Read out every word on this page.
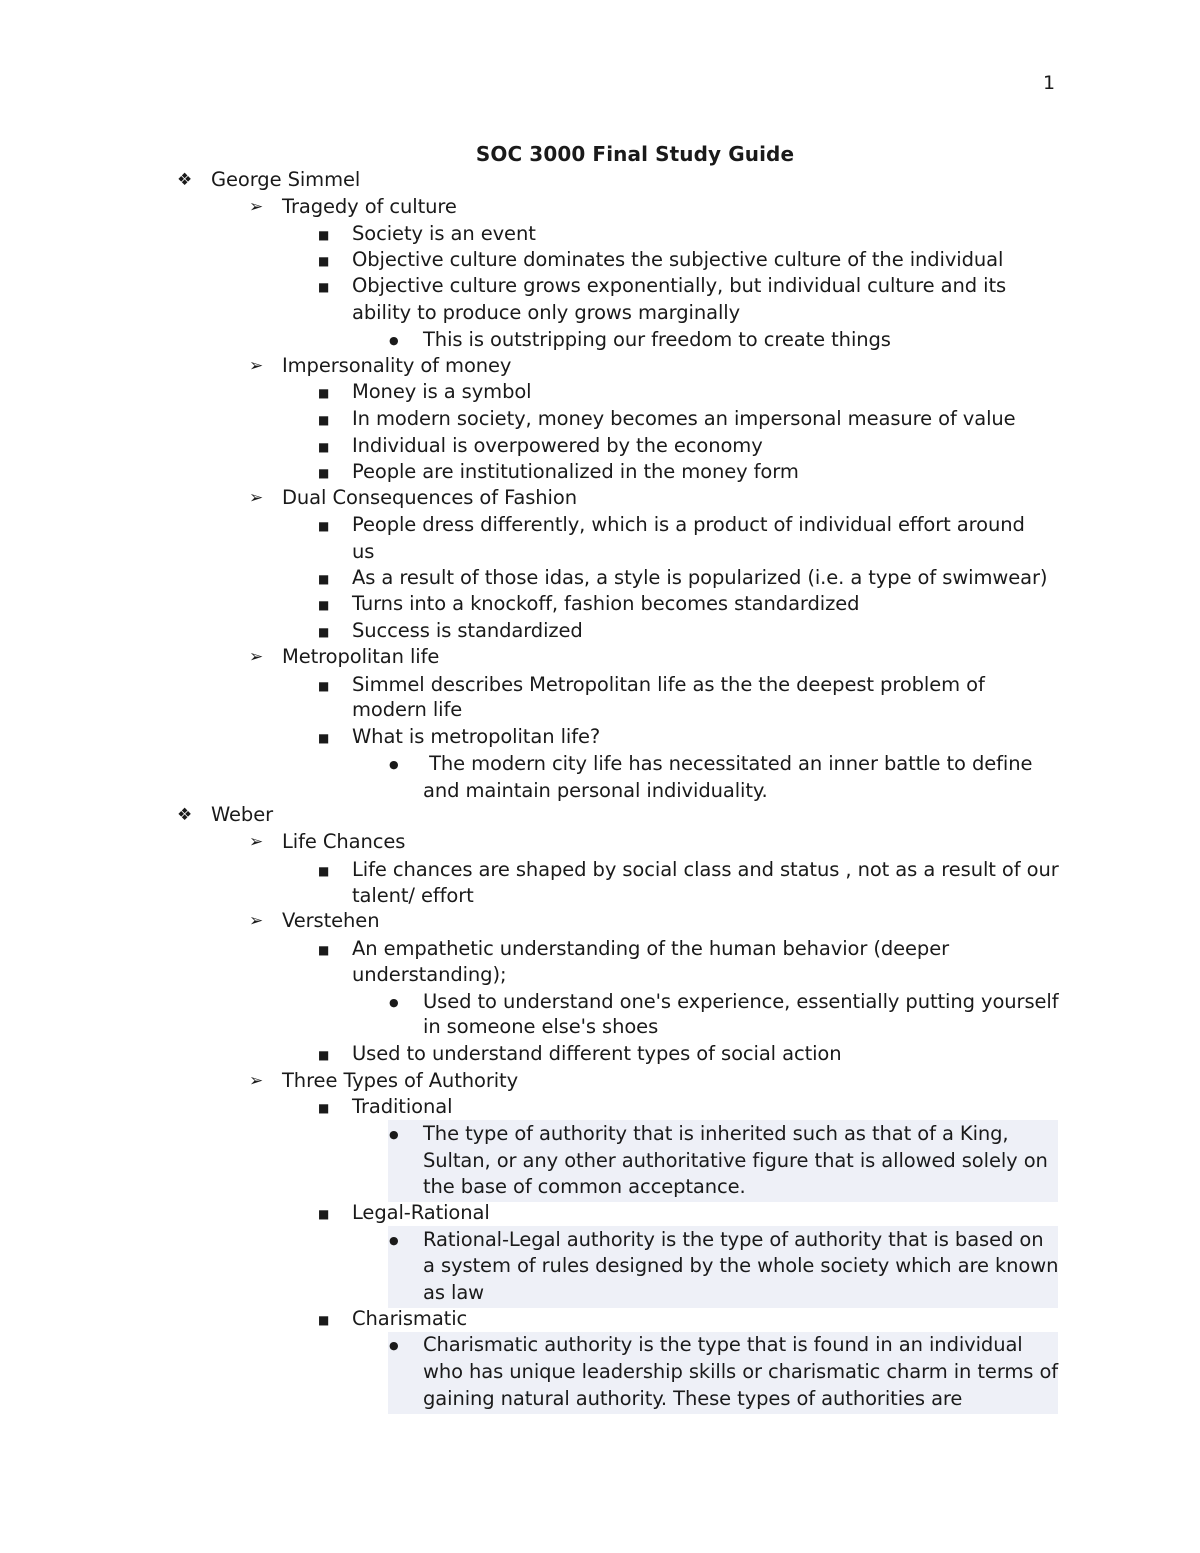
1
SOC 3000 Final Study Guide
❖ George Simmel
➢ Tragedy of culture
■ Society is an event
■ Objective culture dominates the subjective culture of the individual
■ Objective culture grows exponentially, but individual culture and its
ability to produce only grows marginally
● This is outstripping our freedom to create things
➢ Impersonality of money
■ Money is a symbol
■ In modern society, money becomes an impersonal measure of value
■ Individual is overpowered by the economy
■ People are institutionalized in the money form
➢ Dual Consequences of Fashion
■ People dress differently, which is a product of individual effort around
us
■ As a result of those idas, a style is popularized (i.e. a type of swimwear)
■ Turns into a knockoff, fashion becomes standardized
■ Success is standardized
➢ Metropolitan life
■ Simmel describes Metropolitan life as the the deepest problem of
modern life
■ What is metropolitan life?
● The modern city life has necessitated an inner battle to define
and maintain personal individuality.
❖ Weber
➢ Life Chances
■ Life chances are shaped by social class and status , not as a result of our
talent/ effort
➢ Verstehen
■ An empathetic understanding of the human behavior (deeper
understanding);
● Used to understand one's experience, essentially putting yourself
in someone else's shoes
■ Used to understand different types of social action
➢ Three Types of Authority
■ Traditional
● The type of authority that is inherited such as that of a King,
Sultan, or any other authoritative figure that is allowed solely on
the base of common acceptance.
■ Legal-Rational
● Rational-Legal authority is the type of authority that is based on
a system of rules designed by the whole society which are known
as law
■ Charismatic
● Charismatic authority is the type that is found in an individual
who has unique leadership skills or charismatic charm in terms of
gaining natural authority. These types of authorities are
